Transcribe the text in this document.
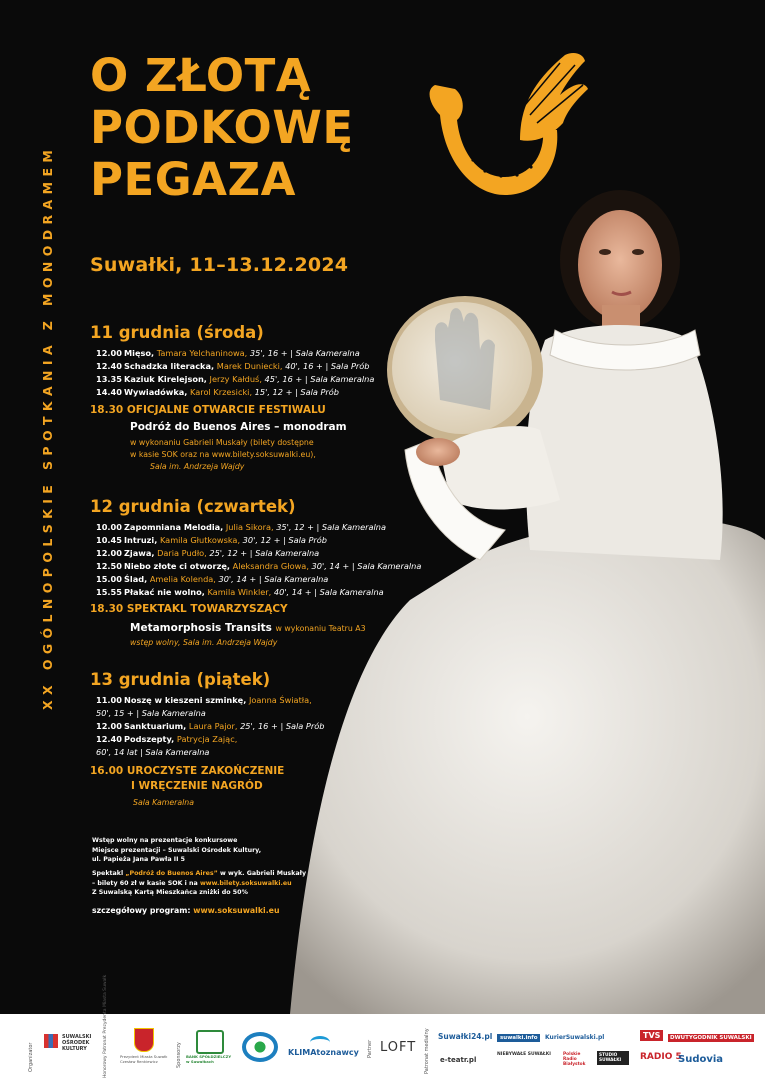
XX OGÓLNOPOLSKIE SPOTKANIA Z MONODRAMEM
O ZŁOTĄ
PODKOWĘ
PEGAZA
Suwałki, 11–13.12.2024
11 grudnia (środa)
12.00 Mięso, Tamara Yelchaninowa, 35', 16 + | Sala Kameralna
12.40 Schadzka literacka, Marek Duniecki, 40', 16 + | Sala Prób
13.35 Kaziuk Kirelejson, Jerzy Kałduś, 45', 16 + | Sala Kameralna
14.40 Wywiadówka, Karol Krzesicki, 15', 12 + | Sala Prób
18.30 OFICJALNE OTWARCIE FESTIWALU
Podróż do Buenos Aires – monodram
w wykonaniu Gabrieli Muskały (bilety dostępne
w kasie SOK oraz na www.bilety.soksuwalki.eu),
Sala im. Andrzeja Wajdy
12 grudnia (czwartek)
10.00 Zapomniana Melodia, Julia Sikora, 35', 12 + | Sala Kameralna
10.45 Intruzi, Kamila Głutkowska, 30', 12 + | Sala Prób
12.00 Zjawa, Daria Pudło, 25', 12 + | Sala Kameralna
12.50 Niebo złote ci otworzę, Aleksandra Głowa, 30', 14 + | Sala Kameralna
15.00 Ślad, Amelia Kolenda, 30', 14 + | Sala Kameralna
15.55 Płakać nie wolno, Kamila Winkler, 40', 14 + | Sala Kameralna
18.30 SPEKTAKL TOWARZYSZĄCY
Metamorphosis Transits w wykonaniu Teatru A3
wstęp wolny, Sala im. Andrzeja Wajdy
13 grudnia (piątek)
11.00 Noszę w kieszeni szminkę, Joanna Światła,
50', 15 + | Sala Kameralna
12.00 Sanktuarium, Laura Pajor, 25', 16 + | Sala Prób
12.40 Podszepty, Patrycja Zając,
60', 14 lat | Sala Kameralna
16.00 UROCZYSTE ZAKOŃCZENIE
I WRĘCZENIE NAGRÓD
Sala Kameralna
Wstęp wolny na prezentacje konkursowe
Miejsce prezentacji – Suwalski Ośrodek Kultury,
ul. Papieża Jana Pawła II 5
Spektakl „Podróż do Buenos Aires” w wyk. Gabrieli Muskały
– bilety 60 zł w kasie SOK i na www.bilety.soksuwalki.eu
Z Suwalską Kartą Mieszkańca zniżki do 50%
szczegółowy program: www.soksuwalki.eu
Organizator
SUWALSKI OŚRODEK KULTURY	Honorowy Patronat Prezydenta Miasta Suwałk	Prezydent Miasta Suwałk Czesław Renkiewicz	Sponsorzy BANK SPÓŁDZIELCZY w Suwałkach
KLIMAtoznawcy Partner LOFT Patronat medialny Suwałki24.pl	suwalki.info	KurierSuwalski.pl
e-teatr.pl
NIEBYWAŁE SUWAŁKI	Polskie Radio Białystok
STUDIO SUWAŁKI
TVS	DWUTYGODNIK SUWALSKI
RADIO 5
Sudovia
